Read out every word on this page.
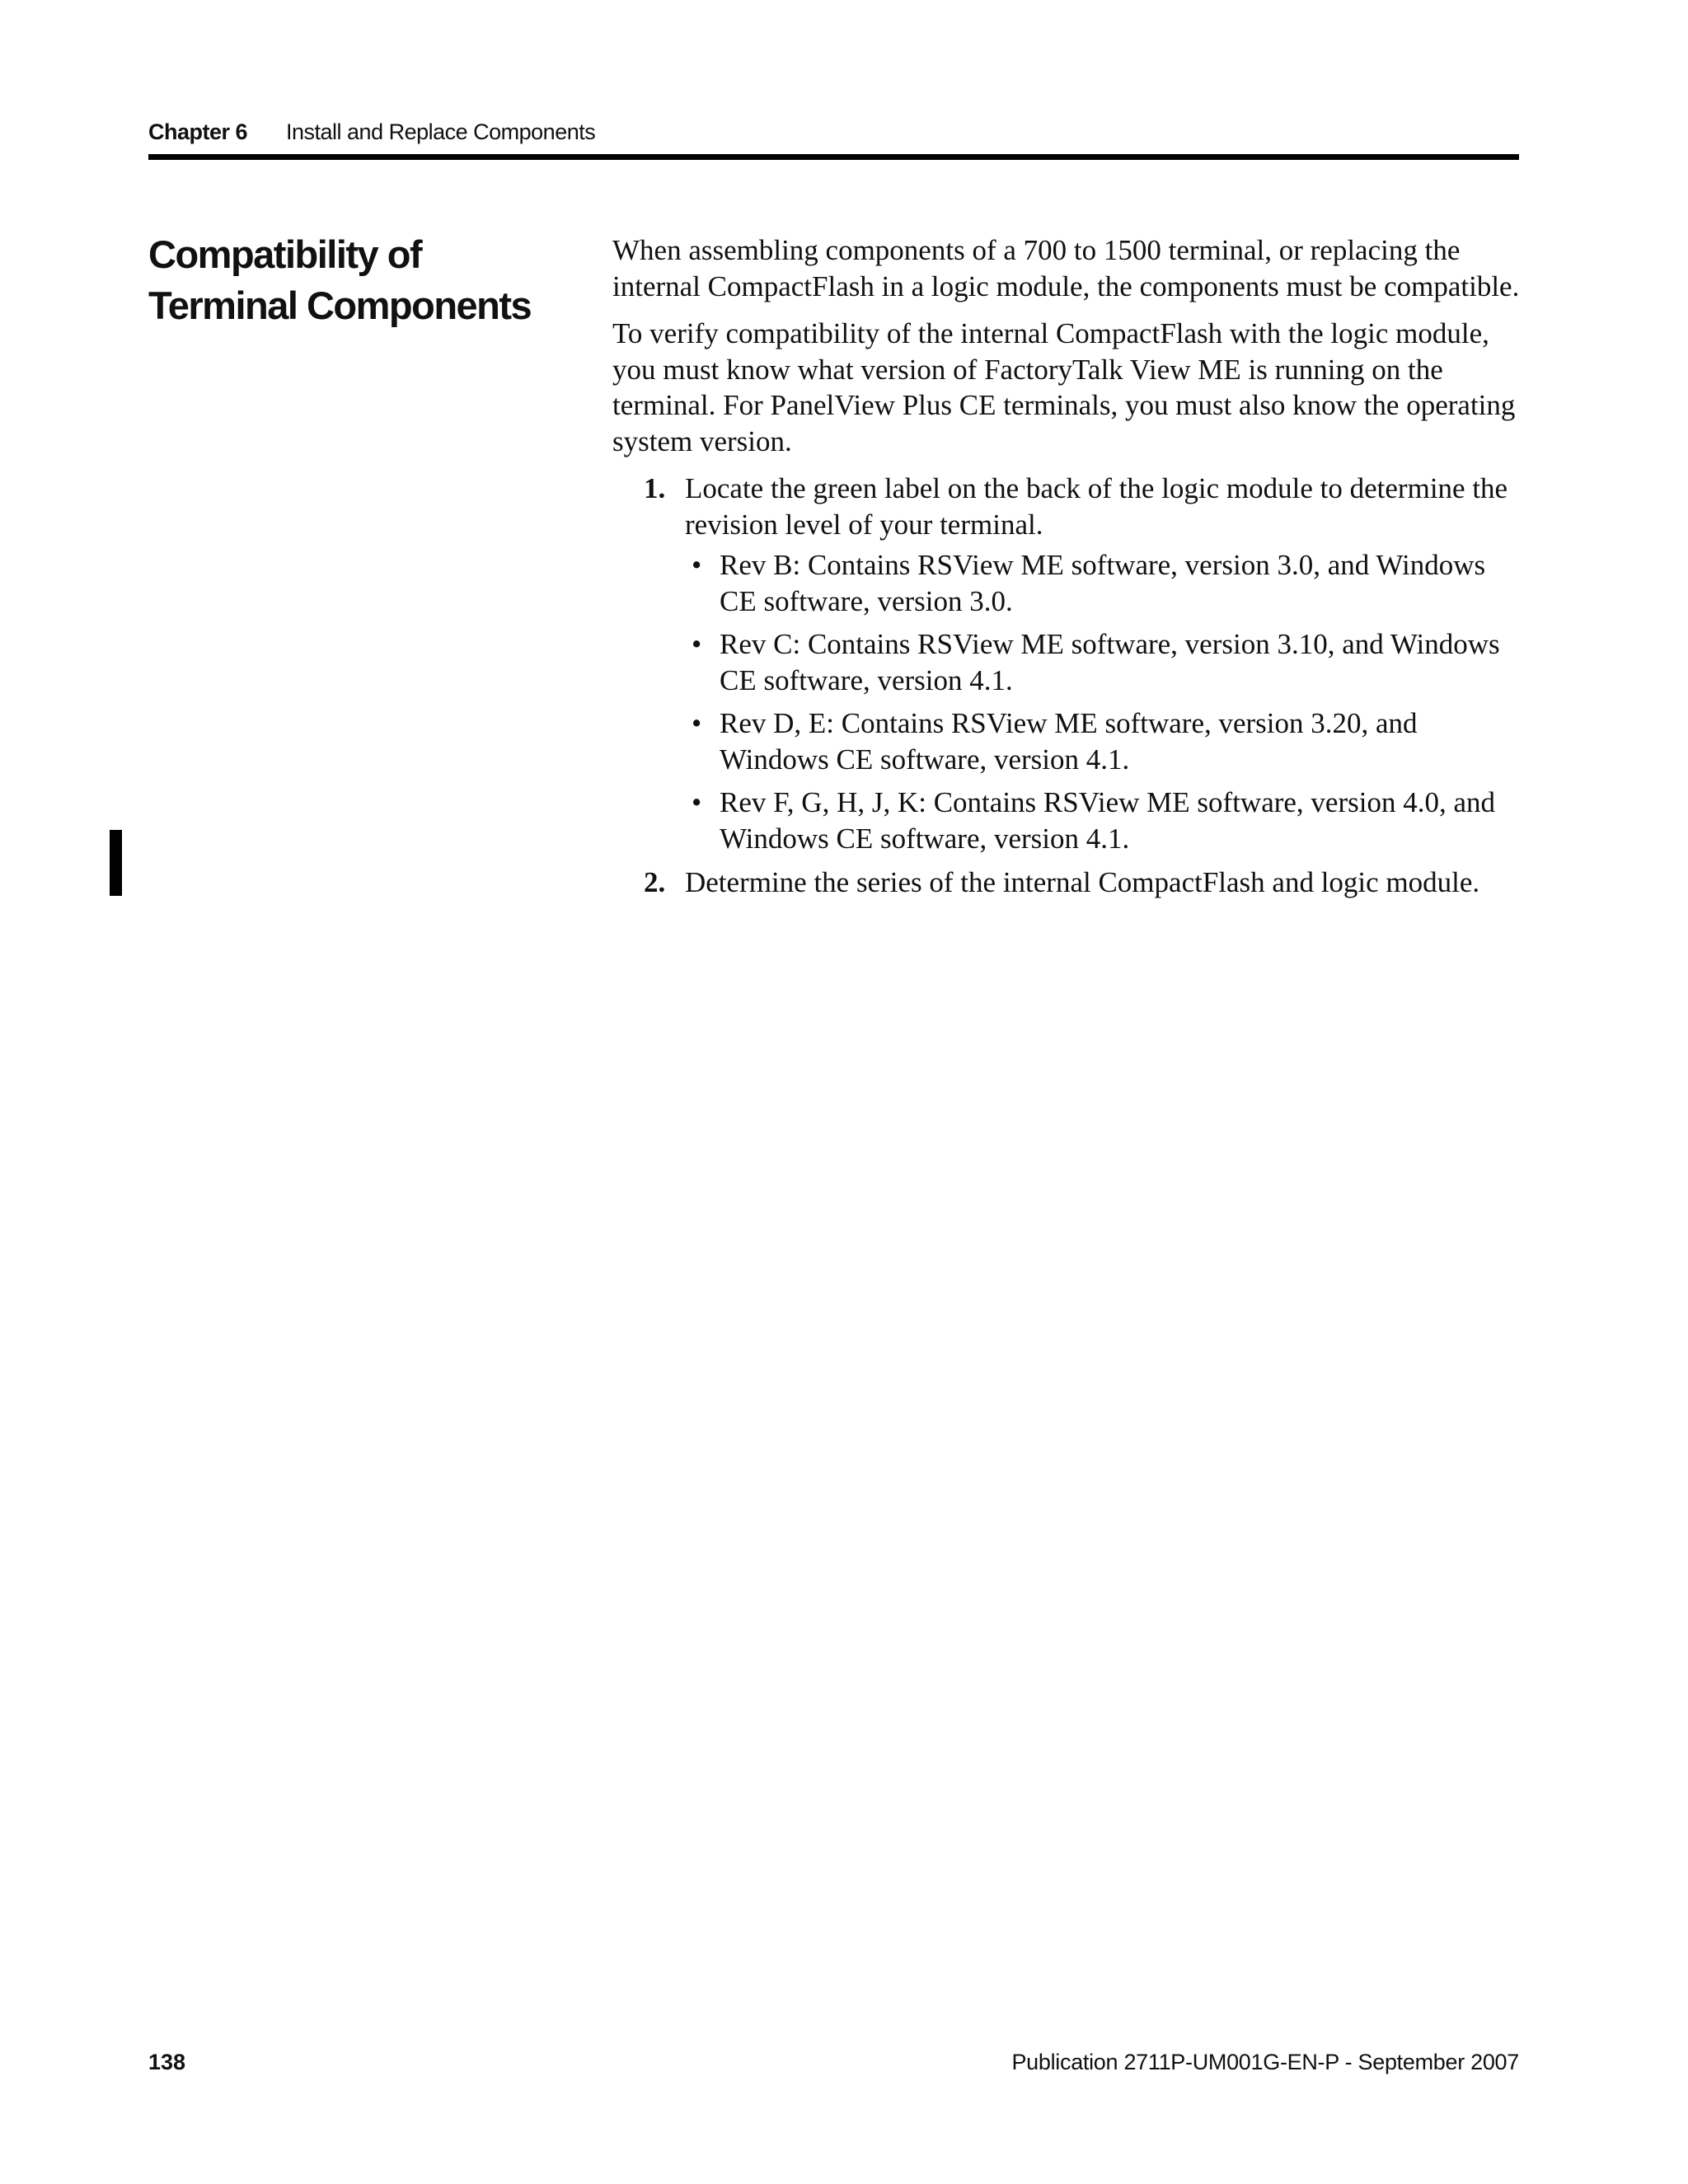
Chapter 6 Install and Replace Components
Compatibility of Terminal Components

When assembling components of a 700 to 1500 terminal, or replacing the internal CompactFlash in a logic module, the components must be compatible.

To verify compatibility of the internal CompactFlash with the logic module, you must know what version of FactoryTalk View ME is running on the terminal. For PanelView Plus CE terminals, you must also know the operating system version.

1. Locate the green label on the back of the logic module to determine the revision level of your terminal.
• Rev B: Contains RSView ME software, version 3.0, and Windows CE software, version 3.0.
• Rev C: Contains RSView ME software, version 3.10, and Windows CE software, version 4.1.
• Rev D, E: Contains RSView ME software, version 3.20, and Windows CE software, version 4.1.
• Rev F, G, H, J, K: Contains RSView ME software, version 4.0, and Windows CE software, version 4.1.
2. Determine the series of the internal CompactFlash and logic module.
138	Publication 2711P-UM001G-EN-P - September 2007
